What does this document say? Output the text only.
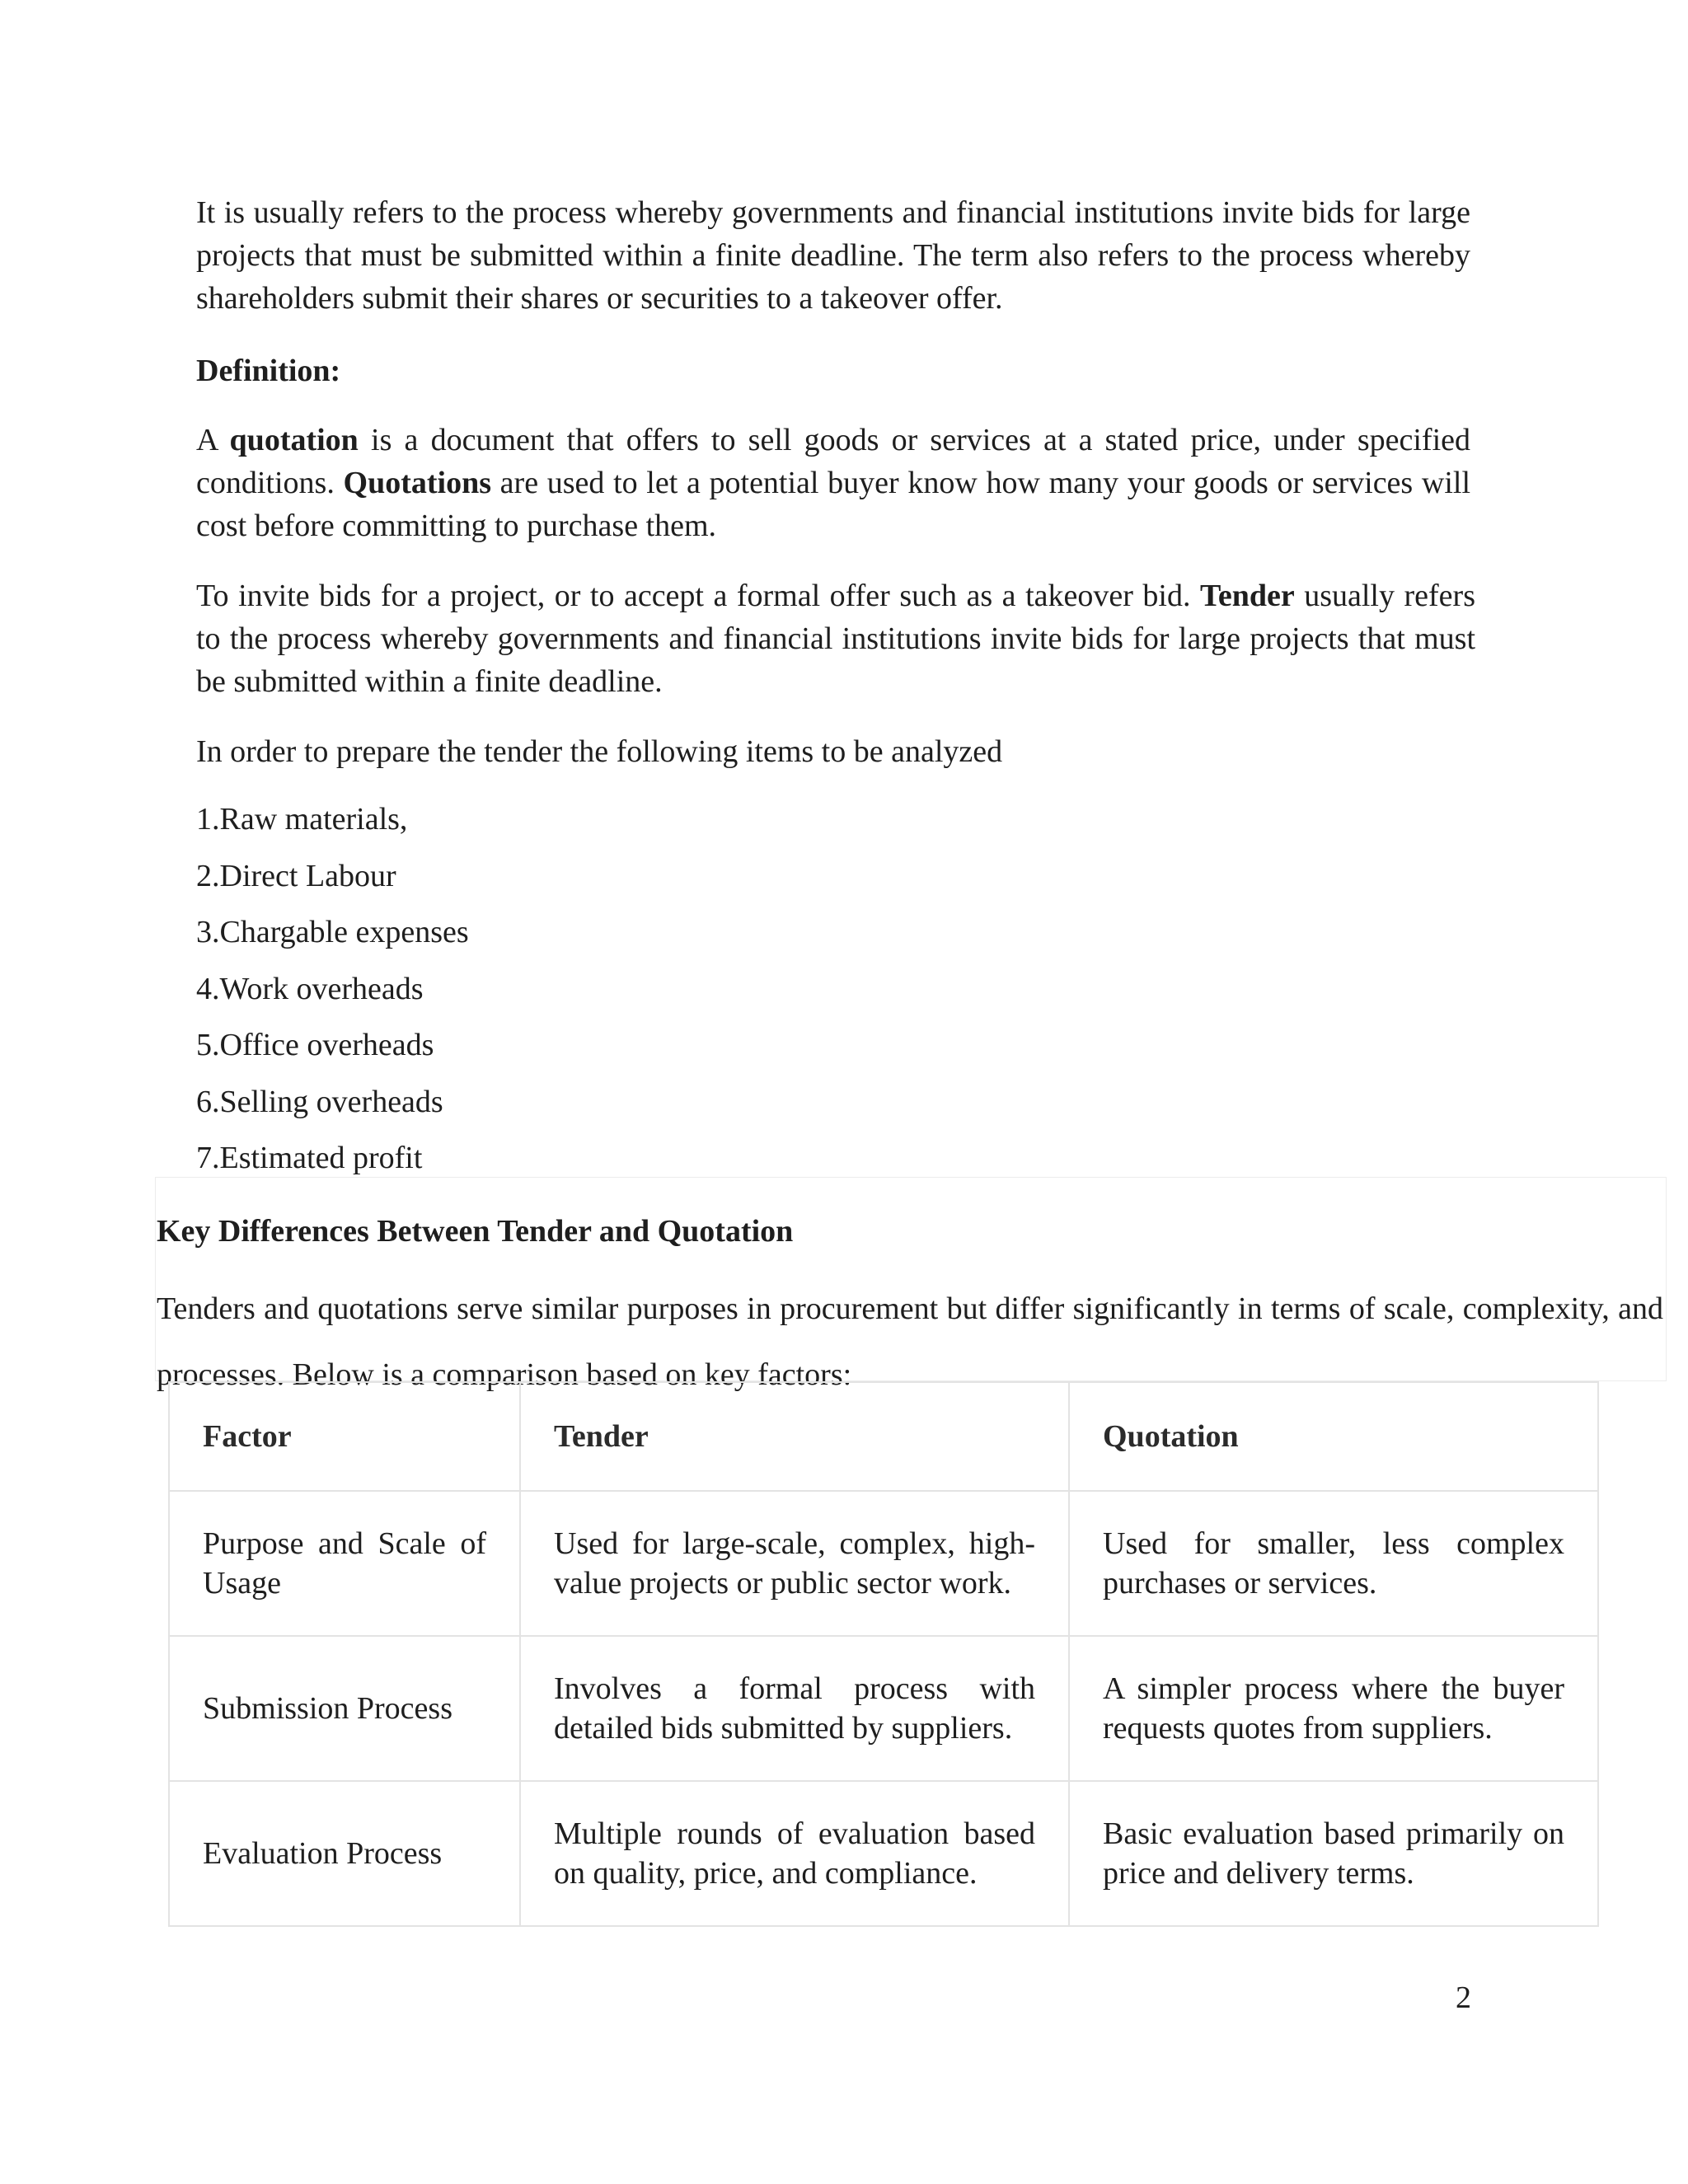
It is usually refers to the process whereby governments and financial institutions invite bids for large projects that must be submitted within a finite deadline. The term also refers to the process whereby shareholders submit their shares or securities to a takeover offer.

Definition:

A quotation is a document that offers to sell goods or services at a stated price, under specified conditions. Quotations are used to let a potential buyer know how many your goods or services will cost before committing to purchase them.

To invite bids for a project, or to accept a formal offer such as a takeover bid. Tender usually refers to the process whereby governments and financial institutions invite bids for large projects that must be submitted within a finite deadline.

In order to prepare the tender the following items to be analyzed

1.Raw materials,
2.Direct Labour
3.Chargable expenses
4.Work overheads
5.Office overheads
6.Selling overheads
7.Estimated profit
Key Differences Between Tender and Quotation
Tenders and quotations serve similar purposes in procurement but differ significantly in terms of scale, complexity, and processes. Below is a comparison based on key factors:
Factor	Tender	Quotation
Purpose and Scale of Usage	Used for large-scale, complex, high-value projects or public sector work.	Used for smaller, less complex purchases or services.
Submission Process	Involves a formal process with detailed bids submitted by suppliers.	A simpler process where the buyer requests quotes from suppliers.
Evaluation Process	Multiple rounds of evaluation based on quality, price, and compliance.	Basic evaluation based primarily on price and delivery terms.
2
